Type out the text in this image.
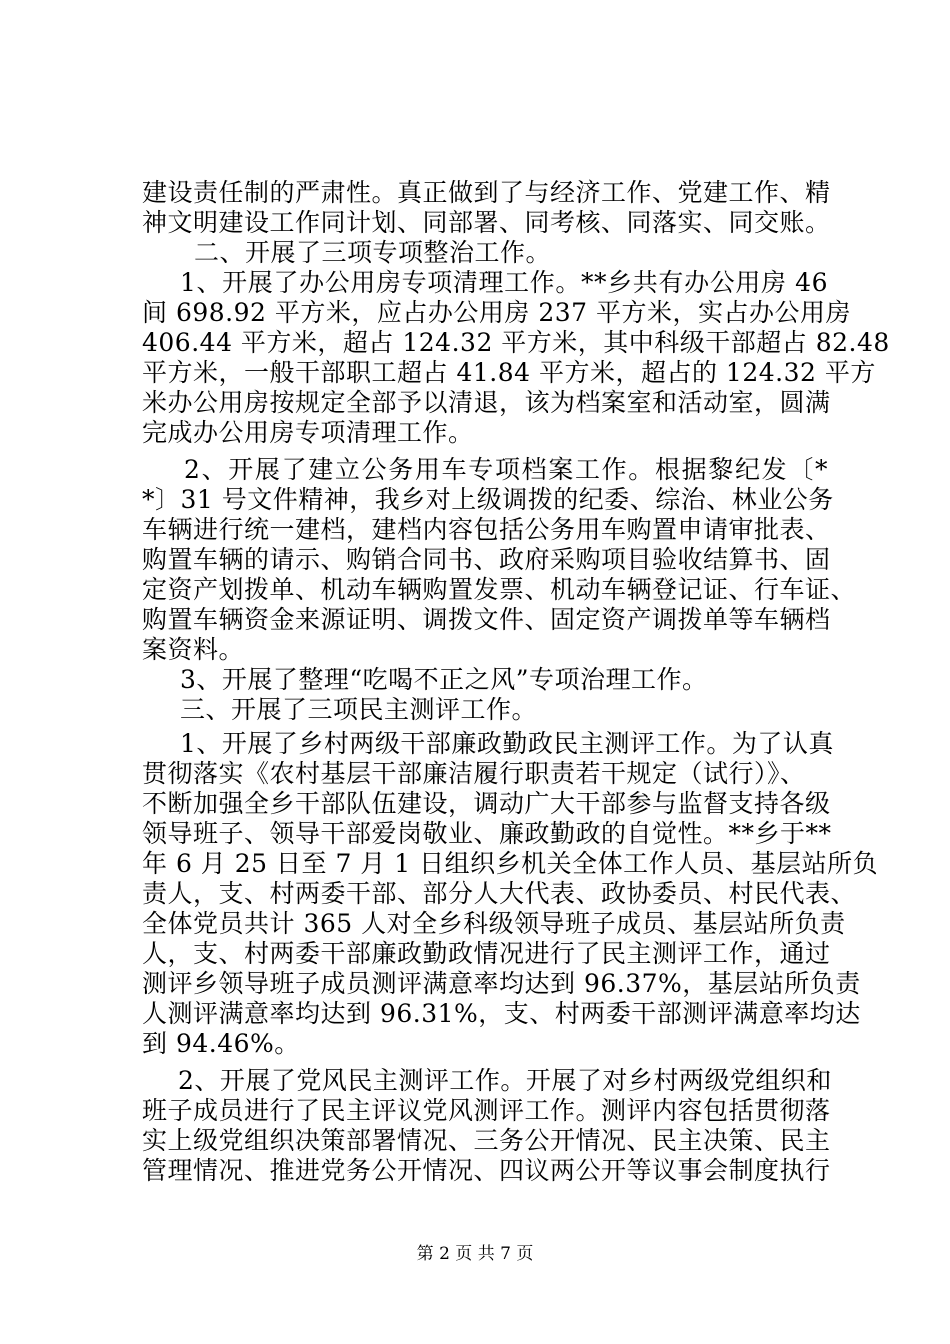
建设责任制的严肃性。真正做到了与经济工作、党建工作、精
神文明建设工作同计划、同部署、同考核、同落实、同交账。
二、开展了三项专项整治工作。
1、开展了办公用房专项清理工作。**乡共有办公用房 46
间 698.92 平方米，应占办公用房 237 平方米，实占办公用房
406.44 平方米，超占 124.32 平方米，其中科级干部超占 82.48
平方米，一般干部职工超占 41.84 平方米，超占的 124.32 平方
米办公用房按规定全部予以清退，该为档案室和活动室，圆满
完成办公用房专项清理工作。
2、开展了建立公务用车专项档案工作。根据黎纪发〔*
*〕31 号文件精神，我乡对上级调拨的纪委、综治、林业公务
车辆进行统一建档，建档内容包括公务用车购置申请审批表、
购置车辆的请示、购销合同书、政府采购项目验收结算书、固
定资产划拨单、机动车辆购置发票、机动车辆登记证、行车证、
购置车辆资金来源证明、调拨文件、固定资产调拨单等车辆档
案资料。
3、开展了整理“吃喝不正之风”专项治理工作。
三、开展了三项民主测评工作。
1、开展了乡村两级干部廉政勤政民主测评工作。为了认真
贯彻落实《农村基层干部廉洁履行职责若干规定（试行）》、
不断加强全乡干部队伍建设，调动广大干部参与监督支持各级
领导班子、领导干部爱岗敬业、廉政勤政的自觉性。**乡于**
年 6 月 25 日至 7 月 1 日组织乡机关全体工作人员、基层站所负
责人，支、村两委干部、部分人大代表、政协委员、村民代表、
全体党员共计 365 人对全乡科级领导班子成员、基层站所负责
人，支、村两委干部廉政勤政情况进行了民主测评工作，通过
测评乡领导班子成员测评满意率均达到 96.37%，基层站所负责
人测评满意率均达到 96.31%，支、村两委干部测评满意率均达
到 94.46%。
2、开展了党风民主测评工作。开展了对乡村两级党组织和
班子成员进行了民主评议党风测评工作。测评内容包括贯彻落
实上级党组织决策部署情况、三务公开情况、民主决策、民主
管理情况、推进党务公开情况、四议两公开等议事会制度执行
第 2 页 共 7 页
